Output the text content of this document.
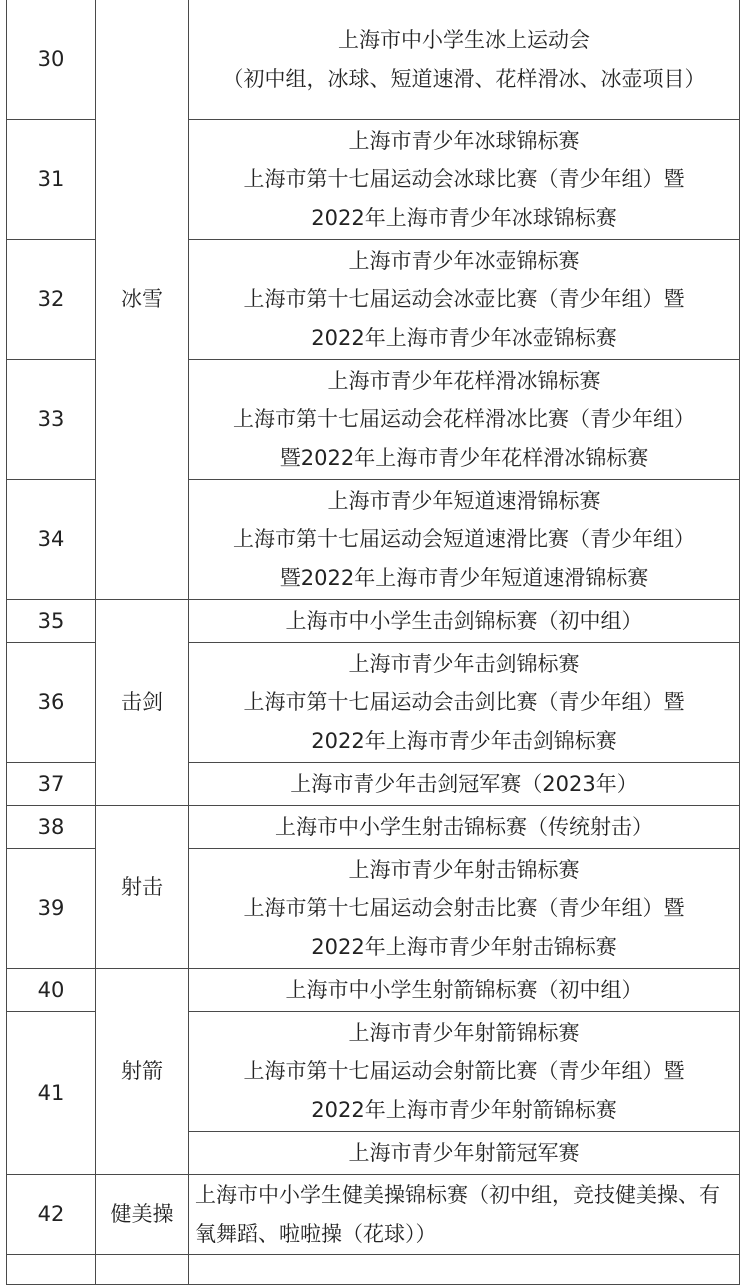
30	冰雪	上海市中小学生冰上运动会
（初中组，冰球、短道速滑、花样滑冰、冰壶项目）

31		上海市青少年冰球锦标赛
上海市第十七届运动会冰球比赛（青少年组）暨
2022年上海市青少年冰球锦标赛

32		上海市青少年冰壶锦标赛
上海市第十七届运动会冰壶比赛（青少年组）暨
2022年上海市青少年冰壶锦标赛

33		上海市青少年花样滑冰锦标赛
上海市第十七届运动会花样滑冰比赛（青少年组）
暨2022年上海市青少年花样滑冰锦标赛

34		上海市青少年短道速滑锦标赛
上海市第十七届运动会短道速滑比赛（青少年组）
暨2022年上海市青少年短道速滑锦标赛

35	击剑	上海市中小学生击剑锦标赛（初中组）

36		上海市青少年击剑锦标赛
上海市第十七届运动会击剑比赛（青少年组）暨
2022年上海市青少年击剑锦标赛

37		上海市青少年击剑冠军赛（2023年）

38	射击	上海市中小学生射击锦标赛（传统射击）

39		上海市青少年射击锦标赛
上海市第十七届运动会射击比赛（青少年组）暨
2022年上海市青少年射击锦标赛

40	射箭	上海市中小学生射箭锦标赛（初中组）

41		上海市青少年射箭锦标赛
上海市第十七届运动会射箭比赛（青少年组）暨
2022年上海市青少年射箭锦标赛

		上海市青少年射箭冠军赛

42	健美操	上海市中小学生健美操锦标赛（初中组，竞技健美操、有氧舞蹈、啦啦操（花球））
